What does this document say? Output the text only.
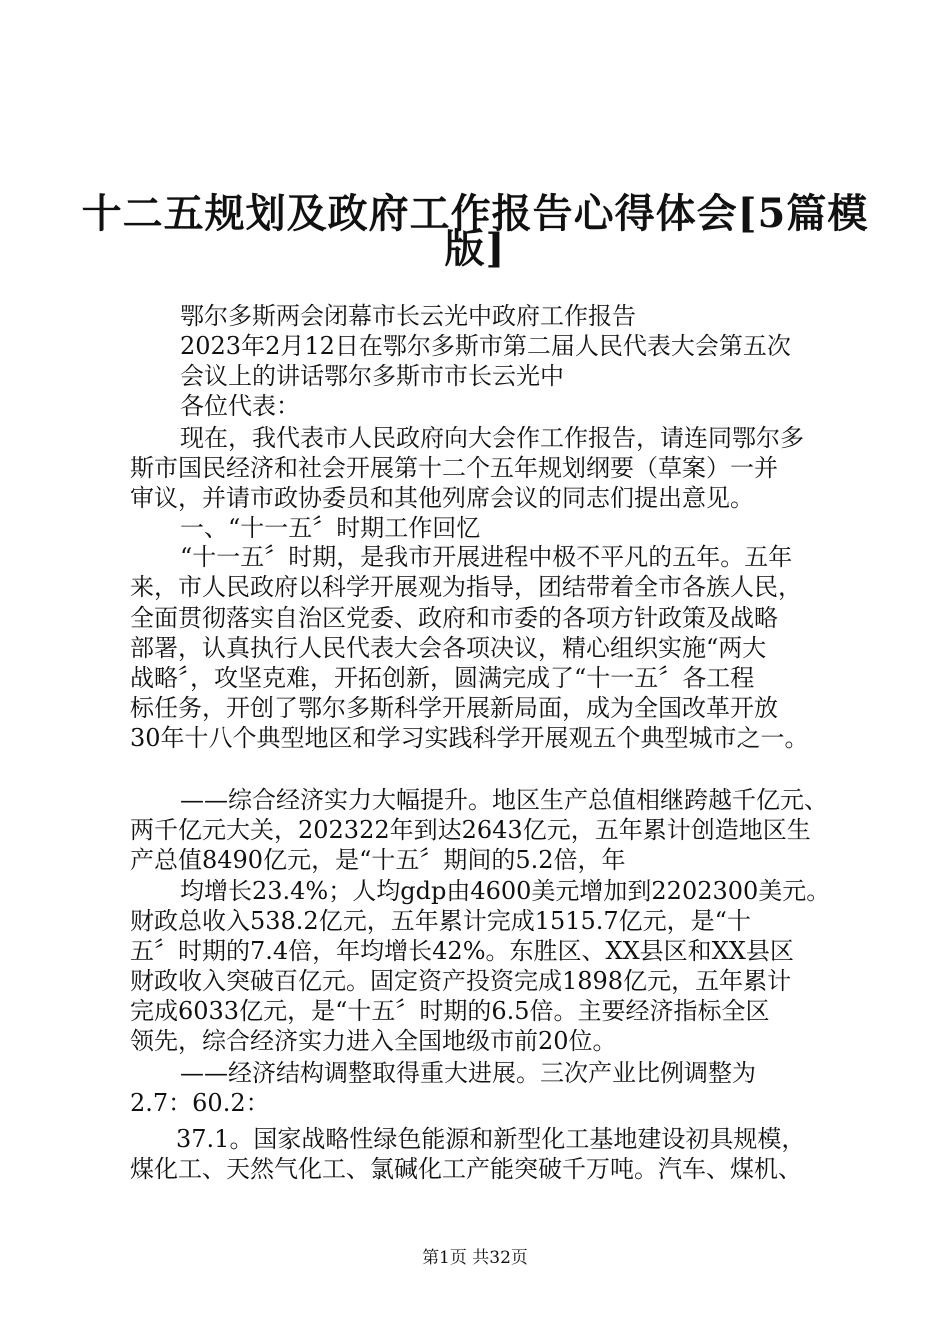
十二五规划及政府工作报告心得体会[5篇模
版]
鄂尔多斯两会闭幕市长云光中政府工作报告
2023年2月12日在鄂尔多斯市第二届人民代表大会第五次
会议上的讲话鄂尔多斯市市长云光中
各位代表：
现在，我代表市人民政府向大会作工作报告，请连同鄂尔多
斯市国民经济和社会开展第十二个五年规划纲要（草案）一并
审议，并请市政协委员和其他列席会议的同志们提出意见。
一、“十一五〞时期工作回忆
“十一五〞时期，是我市开展进程中极不平凡的五年。五年
来，市人民政府以科学开展观为指导，团结带着全市各族人民，
全面贯彻落实自治区党委、政府和市委的各项方针政策及战略
部署，认真执行人民代表大会各项决议，精心组织实施“两大
战略〞，攻坚克难，开拓创新，圆满完成了“十一五〞各工程
标任务，开创了鄂尔多斯科学开展新局面，成为全国改革开放
30年十八个典型地区和学习实践科学开展观五个典型城市之一。
——综合经济实力大幅提升。地区生产总值相继跨越千亿元、
两千亿元大关，202322年到达2643亿元，五年累计创造地区生
产总值8490亿元，是“十五〞期间的5.2倍，年
均增长23.4%；人均gdp由4600美元增加到2202300美元。
财政总收入538.2亿元，五年累计完成1515.7亿元，是“十
五〞时期的7.4倍，年均增长42%。东胜区、XX县区和XX县区
财政收入突破百亿元。固定资产投资完成1898亿元，五年累计
完成6033亿元，是“十五〞时期的6.5倍。主要经济指标全区
领先，综合经济实力进入全国地级市前20位。
——经济结构调整取得重大进展。三次产业比例调整为
2.7：60.2：
37.1。国家战略性绿色能源和新型化工基地建设初具规模，
煤化工、天然气化工、氯碱化工产能突破千万吨。汽车、煤机、
第1页 共32页
